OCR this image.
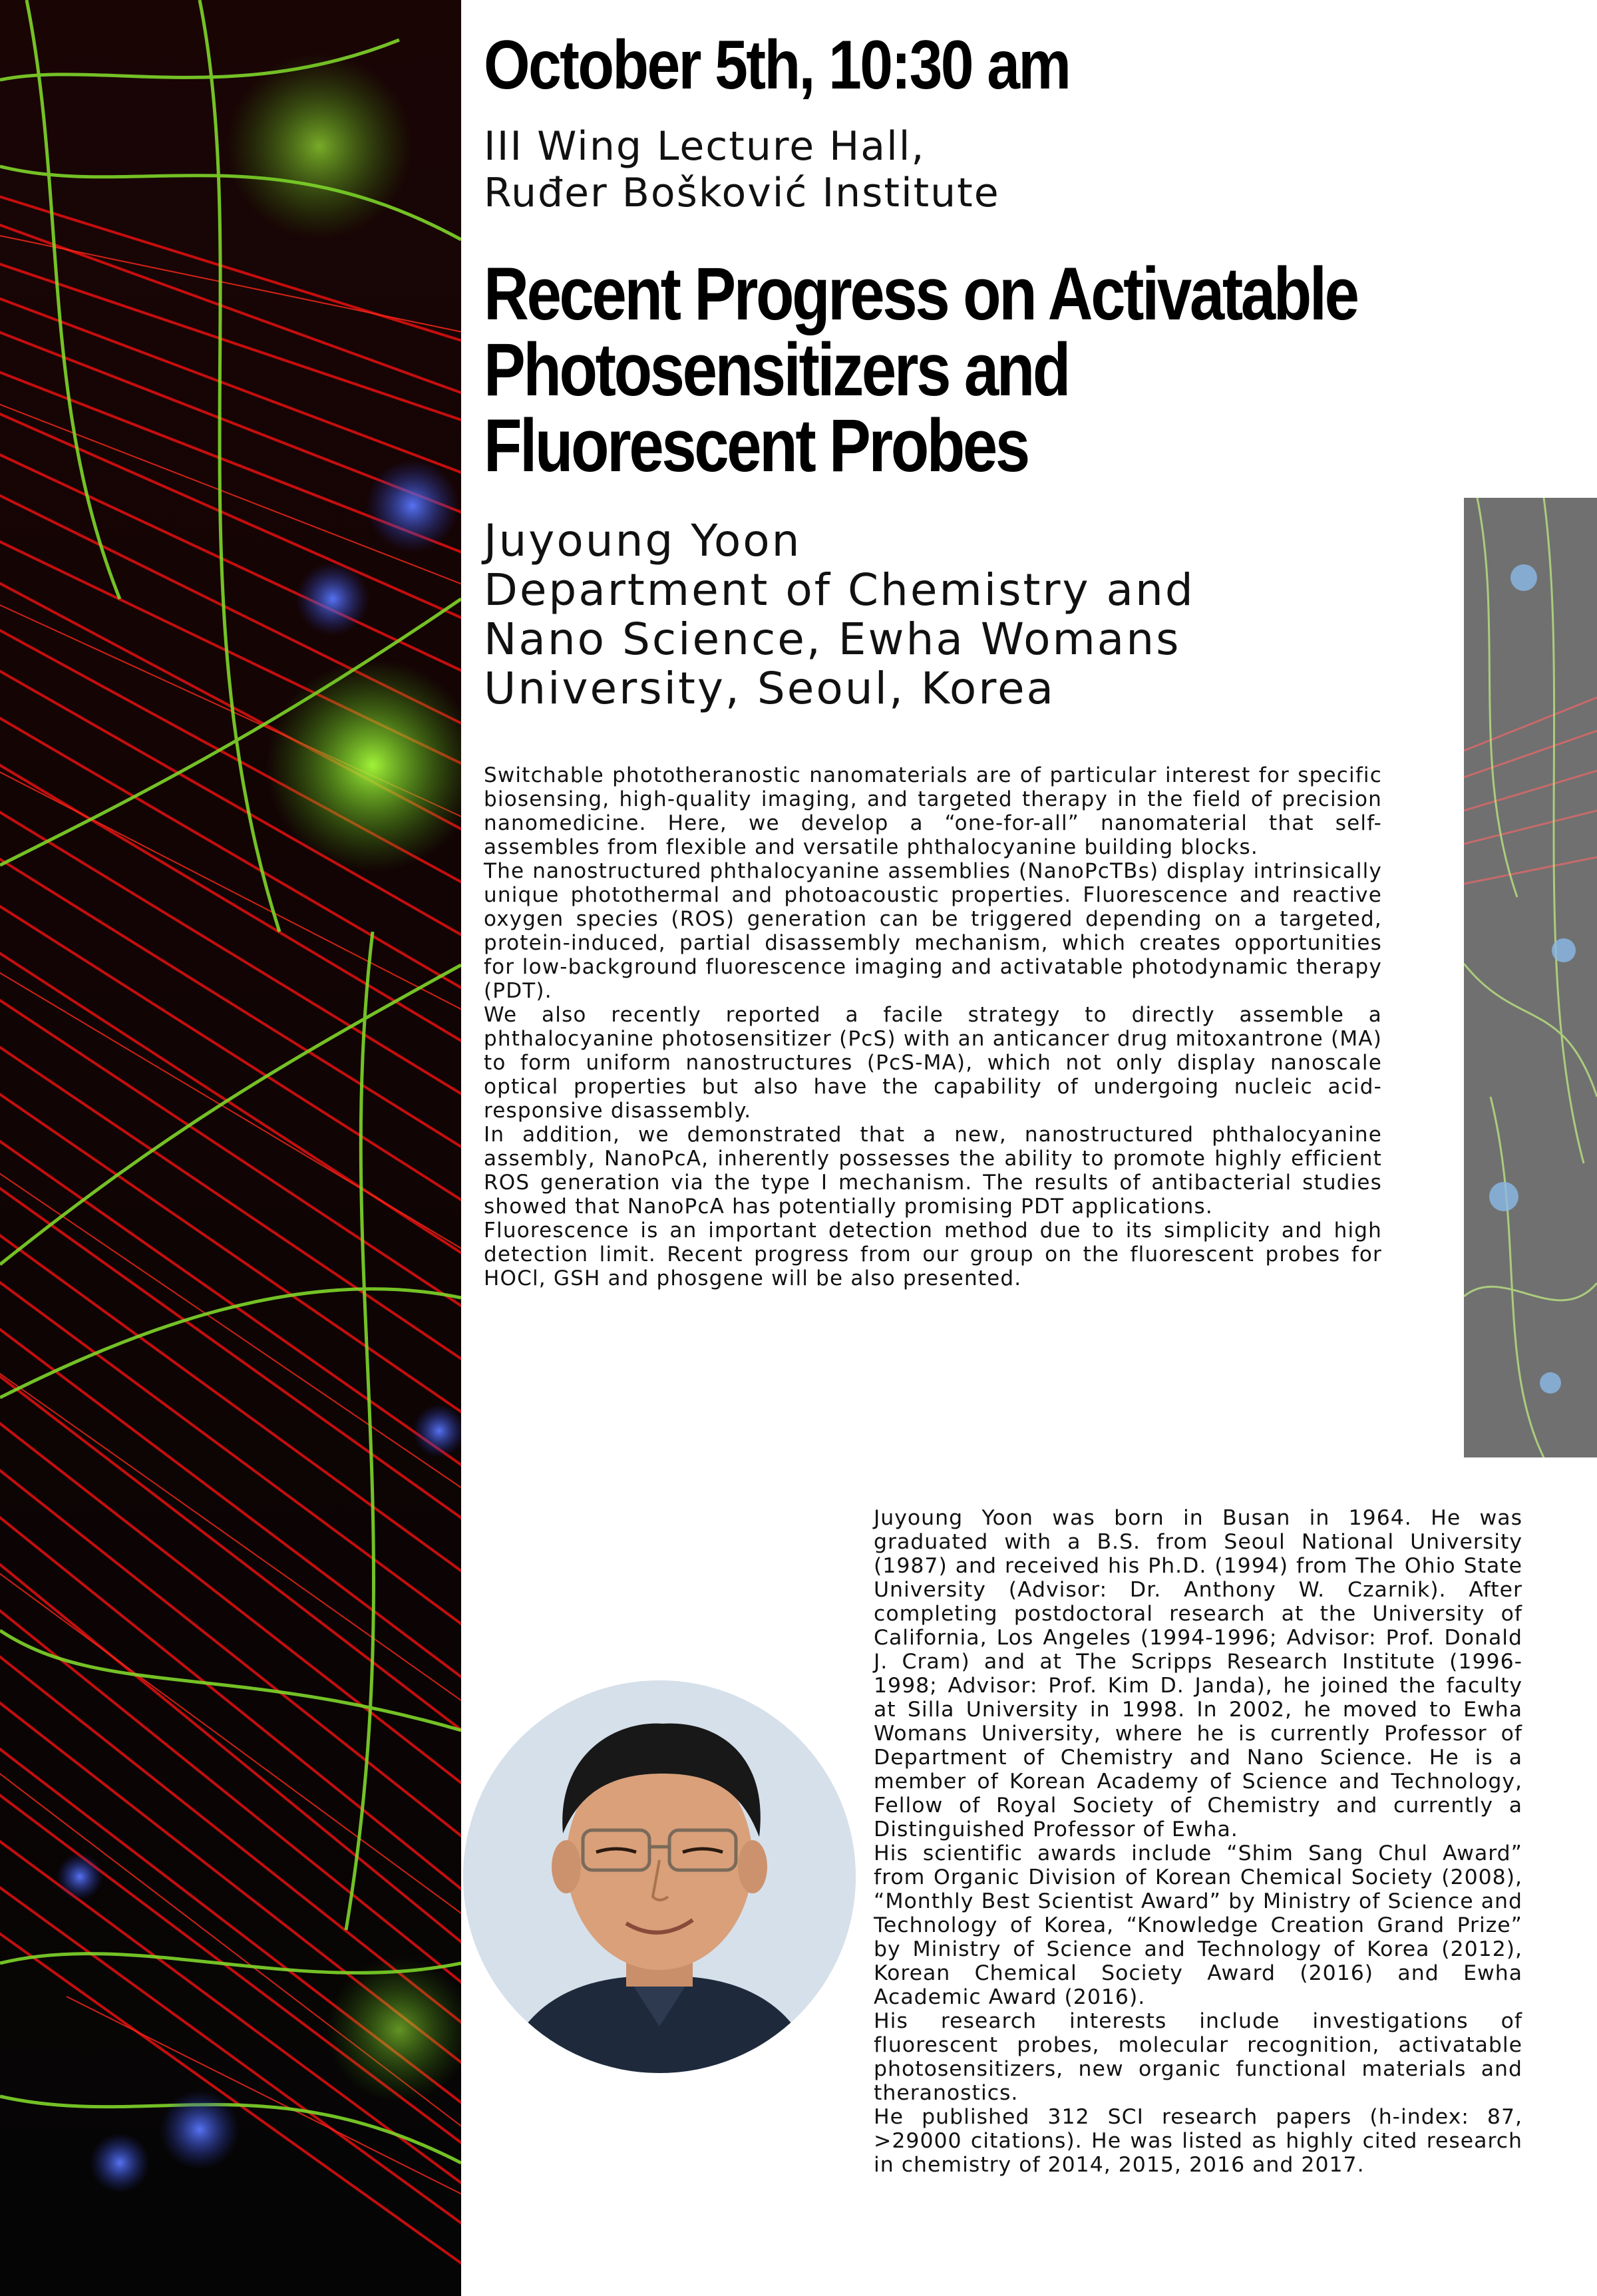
October 5th, 10:30 am
III Wing Lecture Hall,
Ruđer Bošković Institute
Recent Progress on Activatable
Photosensitizers and
Fluorescent Probes
Juyoung Yoon
Department of Chemistry and
Nano Science, Ewha Womans
University, Seoul, Korea

Switchable phototheranostic nanomaterials are of particular interest for specific biosensing, high-quality imaging, and targeted therapy in the field of precision nanomedicine. Here, we develop a “one-for-all” nanomaterial that self-assembles from flexible and versatile phthalocyanine building blocks.

The nanostructured phthalocyanine assemblies (NanoPcTBs) display intrinsically unique photothermal and photoacoustic properties. Fluorescence and reactive oxygen species (ROS) generation can be triggered depending on a targeted, protein-induced, partial disassembly mechanism, which creates opportunities for low-background fluorescence imaging and activatable photodynamic therapy (PDT).

We also recently reported a facile strategy to directly assemble a phthalocyanine photosensitizer (PcS) with an anticancer drug mitoxantrone (MA) to form uniform nanostructures (PcS-MA), which not only display nanoscale optical properties but also have the capability of undergoing nucleic acid-responsive disassembly.

In addition, we demonstrated that a new, nanostructured phthalocyanine assembly, NanoPcA, inherently possesses the ability to promote highly efficient ROS generation via the type I mechanism. The results of antibacterial studies showed that NanoPcA has potentially promising PDT applications.

Fluorescence is an important detection method due to its simplicity and high detection limit. Recent progress from our group on the fluorescent probes for HOCl, GSH and phosgene will be also presented.

Juyoung Yoon was born in Busan in 1964. He was graduated with a B.S. from Seoul National University (1987) and received his Ph.D. (1994) from The Ohio State University (Advisor: Dr. Anthony W. Czarnik). After completing postdoctoral research at the University of California, Los Angeles (1994-1996; Advisor: Prof. Donald J. Cram) and at The Scripps Research Institute (1996-1998; Advisor: Prof. Kim D. Janda), he joined the faculty at Silla University in 1998. In 2002, he moved to Ewha Womans University, where he is currently Professor of Department of Chemistry and Nano Science. He is a member of Korean Academy of Science and Technology, Fellow of Royal Society of Chemistry and currently a Distinguished Professor of Ewha.

His scientific awards include “Shim Sang Chul Award” from Organic Division of Korean Chemical Society (2008), “Monthly Best Scientist Award” by Ministry of Science and Technology of Korea, “Knowledge Creation Grand Prize” by Ministry of Science and Technology of Korea (2012), Korean Chemical Society Award (2016) and Ewha Academic Award (2016).

His research interests include investigations of fluorescent probes, molecular recognition, activatable photosensitizers, new organic functional materials and theranostics.

He published 312 SCI research papers (h-index: 87, >29000 citations). He was listed as highly cited research in chemistry of 2014, 2015, 2016 and 2017.
